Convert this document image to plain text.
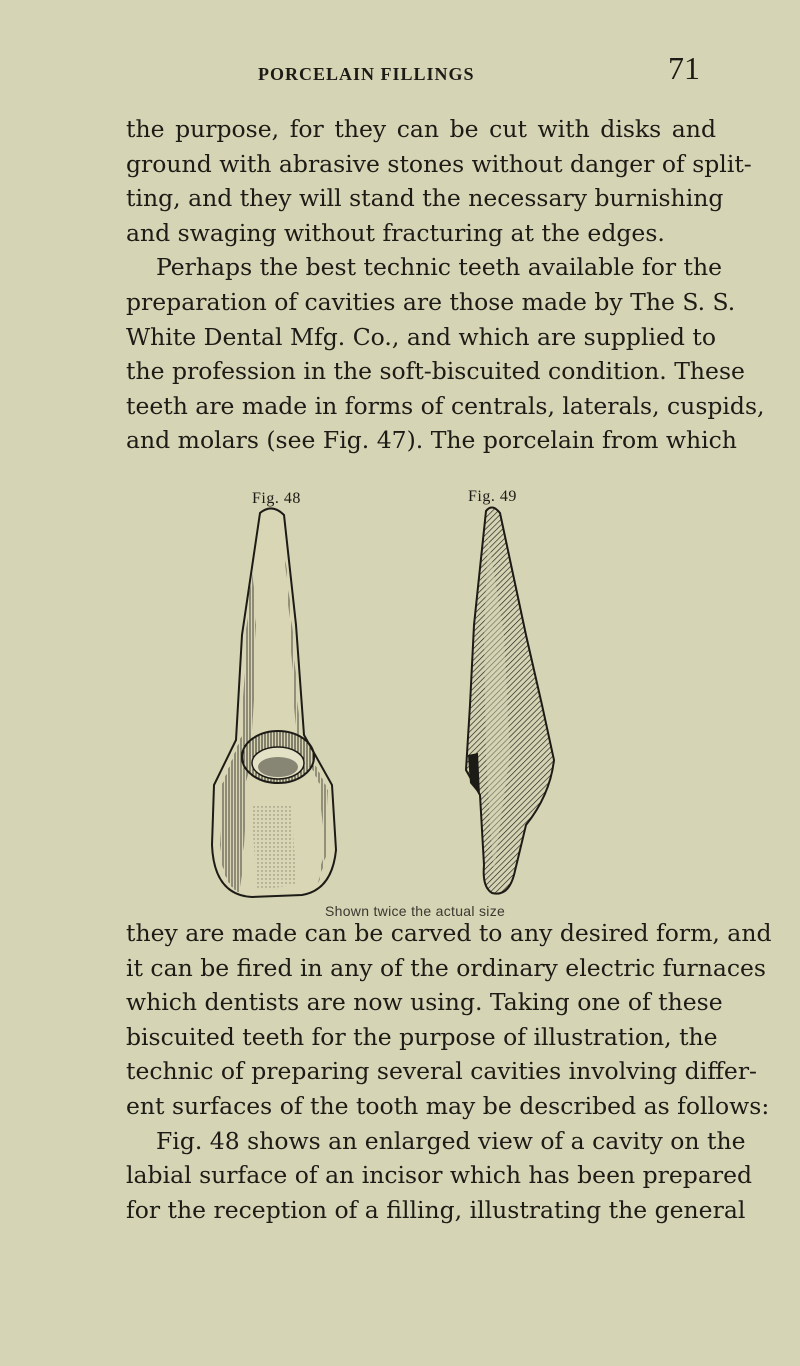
PORCELAIN FILLINGS	71
the purpose, for they can be cut with disks and
ground with abrasive stones without danger of split-
ting, and they will stand the necessary burnishing
and swaging without fracturing at the edges.
Perhaps the best technic teeth available for the
preparation of cavities are those made by The S. S.
White Dental Mfg. Co., and which are supplied to
the profession in the soft-biscuited condition. These
teeth are made in forms of centrals, laterals, cuspids,
and molars (see Fig. 47). The porcelain from which
Fig. 48	Fig. 49
Shown twice the actual size
they are made can be carved to any desired form, and
it can be fired in any of the ordinary electric furnaces
which dentists are now using. Taking one of these
biscuited teeth for the purpose of illustration, the
technic of preparing several cavities involving differ-
ent surfaces of the tooth may be described as follows:
Fig. 48 shows an enlarged view of a cavity on the
labial surface of an incisor which has been prepared
for the reception of a filling, illustrating the general
